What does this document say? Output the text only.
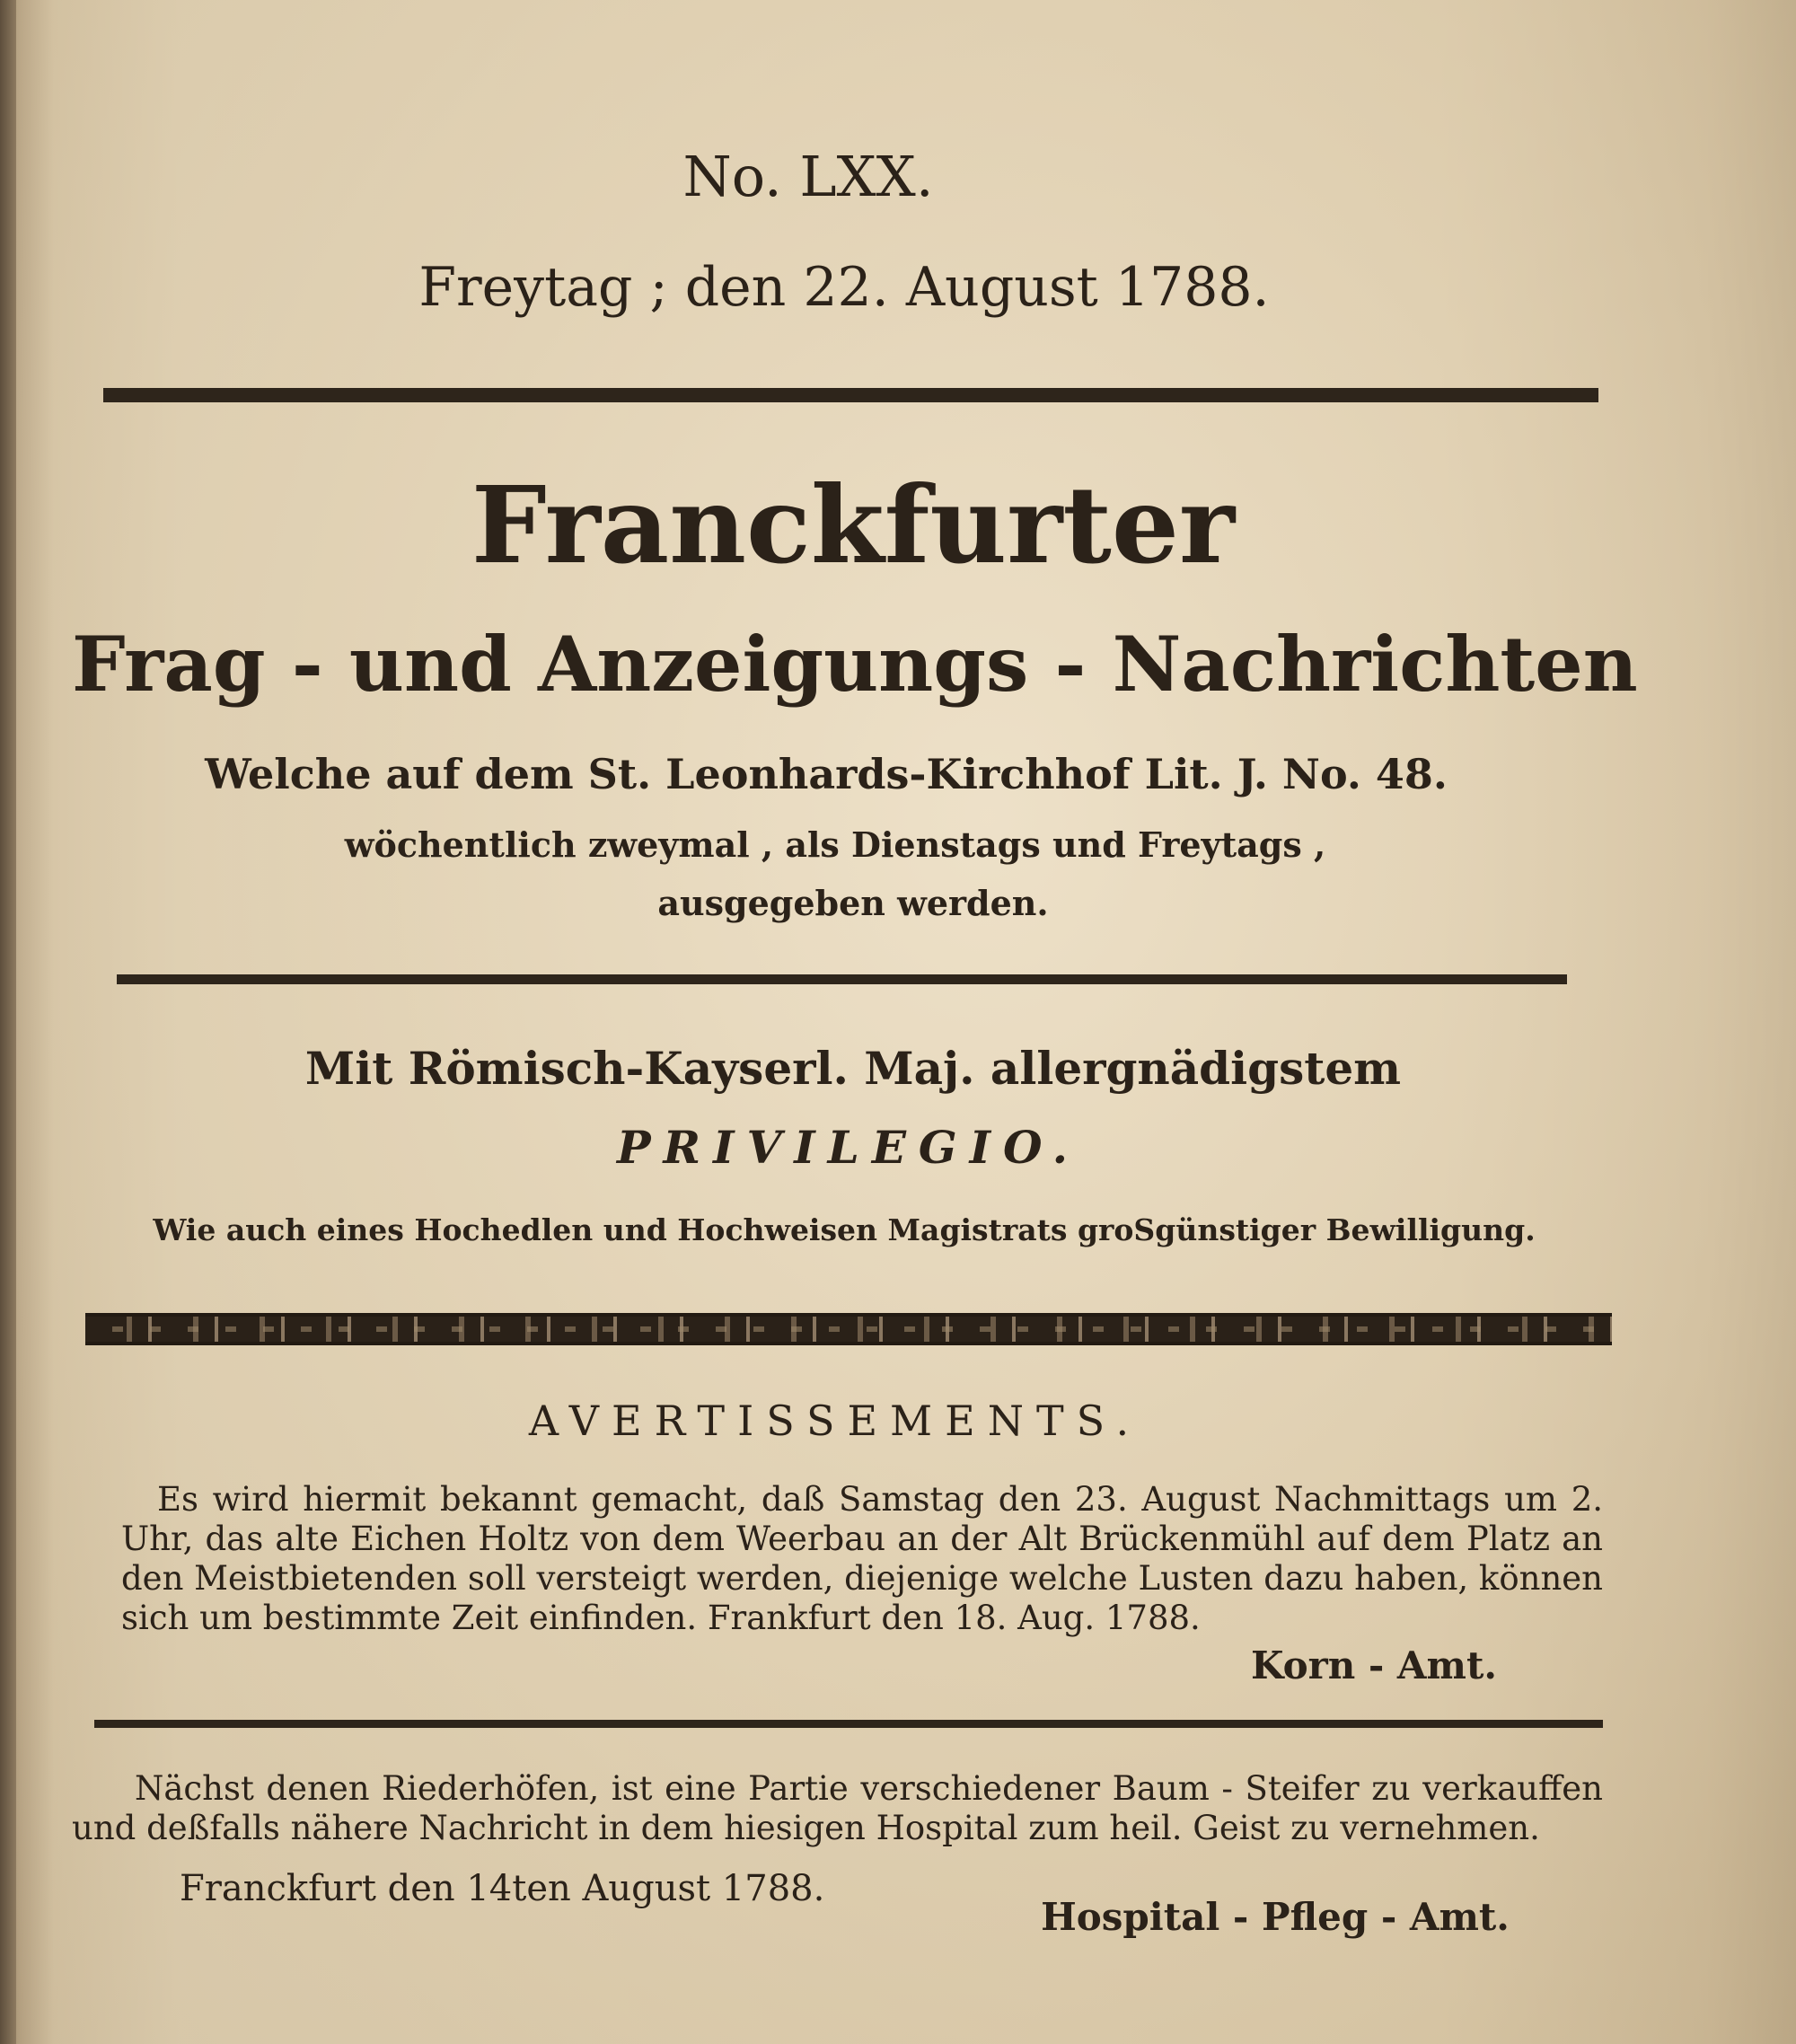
No. LXX.
Freytag ; den 22. August 1788.
Franckfurter
Frag - und Anzeigungs - Nachrichten
Welche auf dem St. Leonhards-Kirchhof Lit. J. No. 48.
wöchentlich zweymal , als Dienstags und Freytags ,
ausgegeben werden.
Mit Römisch-Kayserl. Maj. allergnädigstem
PRIVILEGIO.
Wie auch eines Hochedlen und Hochweisen Magistrats groSgünstiger Bewilligung.
AVERTISSEMENTS.
Es wird hiermit bekannt gemacht, daß Samstag den 23. August Nachmittags um 2. Uhr, das alte Eichen Holtz von dem Weerbau an der Alt Brückenmühl auf dem Platz an den Meistbietenden soll versteigt werden, diejenige welche Lusten dazu haben, können sich um bestimmte Zeit einfinden. Frankfurt den 18. Aug. 1788.
Korn - Amt.
Nächst denen Riederhöfen, ist eine Partie verschiedener Baum - Steifer zu verkauffen und deßfalls nähere Nachricht in dem hiesigen Hospital zum heil. Geist zu vernehmen.
Franckfurt den 14ten August 1788.
Hospital - Pfleg - Amt.
